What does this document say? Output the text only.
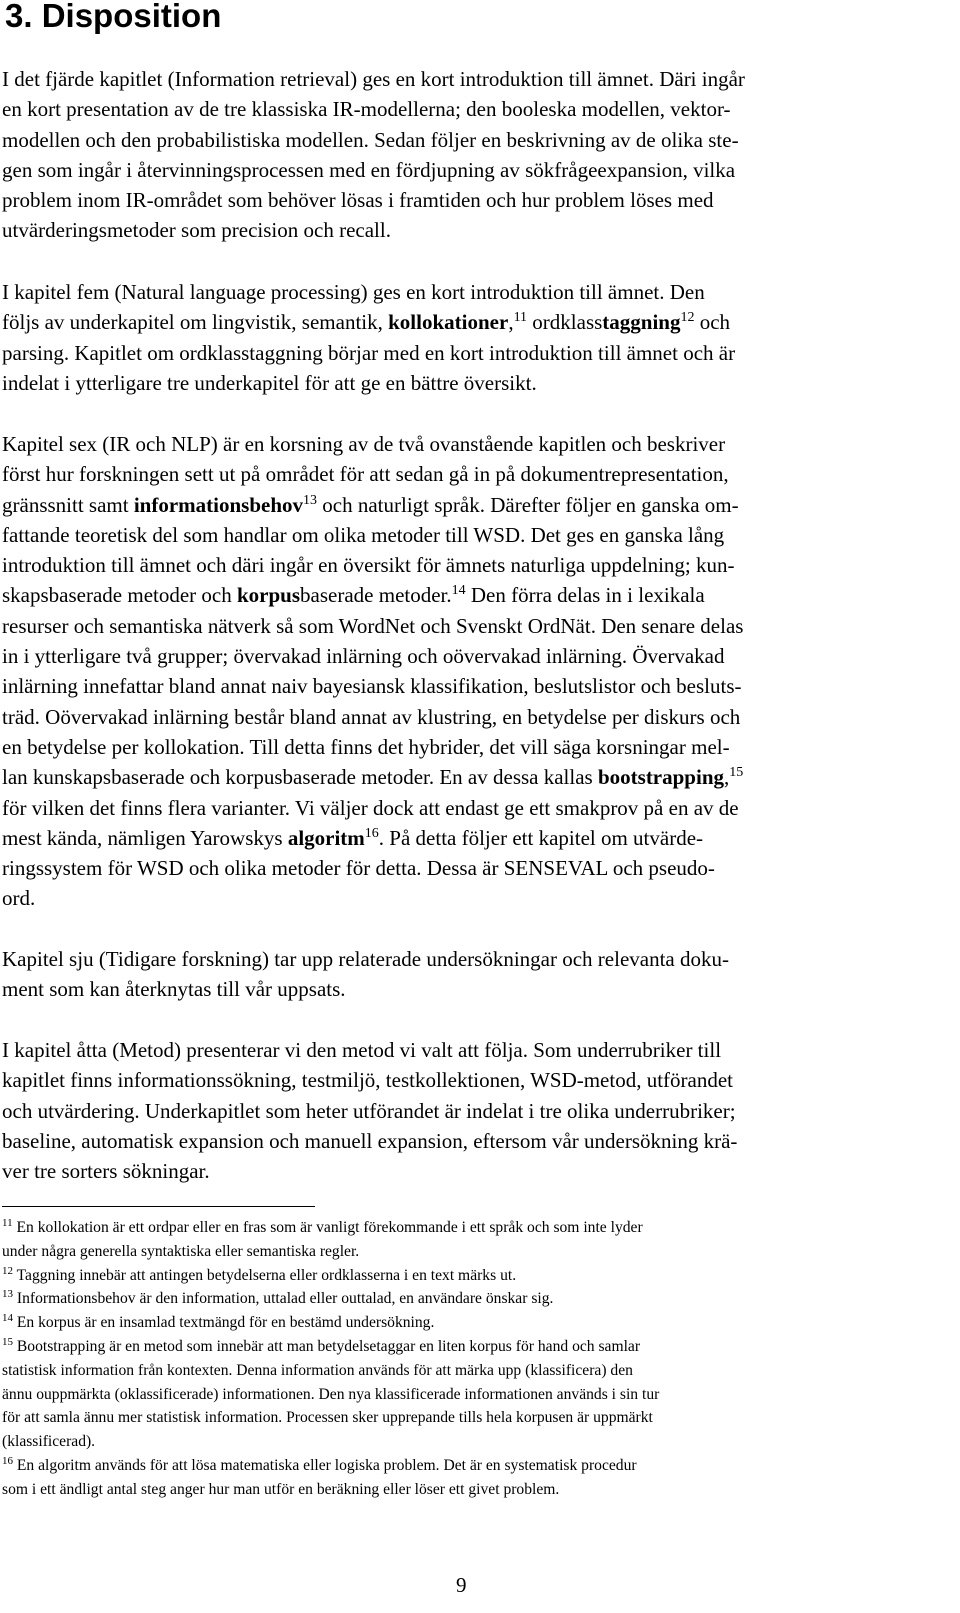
3. Disposition
I det fjärde kapitlet (Information retrieval) ges en kort introduktion till ämnet. Däri ingår
en kort presentation av de tre klassiska IR-modellerna; den booleska modellen, vektor-
modellen och den probabilistiska modellen. Sedan följer en beskrivning av de olika ste-
gen som ingår i återvinningsprocessen med en fördjupning av sökfrågeexpansion, vilka
problem inom IR-området som behöver lösas i framtiden och hur problem löses med
utvärderingsmetoder som precision och recall.
I kapitel fem (Natural language processing) ges en kort introduktion till ämnet. Den
följs av underkapitel om lingvistik, semantik, kollokationer,$^{11}$ ordklasstaggning$^{12}$ och
parsing. Kapitlet om ordklasstaggning börjar med en kort introduktion till ämnet och är
indelat i ytterligare tre underkapitel för att ge en bättre översikt.
Kapitel sex (IR och NLP) är en korsning av de två ovanstående kapitlen och beskriver
först hur forskningen sett ut på området för att sedan gå in på dokumentrepresentation,
gränssnitt samt informationsbehov$^{13}$ och naturligt språk. Därefter följer en ganska om-
fattande teoretisk del som handlar om olika metoder till WSD. Det ges en ganska lång
introduktion till ämnet och däri ingår en översikt för ämnets naturliga uppdelning; kun-
skapsbaserade metoder och korpusbaserade metoder.$^{14}$ Den förra delas in i lexikala
resurser och semantiska nätverk så som WordNet och Svenskt OrdNät. Den senare delas
in i ytterligare två grupper; övervakad inlärning och oövervakad inlärning. Övervakad
inlärning innefattar bland annat naiv bayesiansk klassifikation, beslutslistor och besluts-
träd. Oövervakad inlärning består bland annat av klustring, en betydelse per diskurs och
en betydelse per kollokation. Till detta finns det hybrider, det vill säga korsningar mel-
lan kunskapsbaserade och korpusbaserade metoder. En av dessa kallas bootstrapping,$^{15}$
för vilken det finns flera varianter. Vi väljer dock att endast ge ett smakprov på en av de
mest kända, nämligen Yarowskys algoritm$^{16}$. På detta följer ett kapitel om utvärde-
ringssystem för WSD och olika metoder för detta. Dessa är SENSEVAL och pseudo-
ord.
Kapitel sju (Tidigare forskning) tar upp relaterade undersökningar och relevanta doku-
ment som kan återknytas till vår uppsats.
I kapitel åtta (Metod) presenterar vi den metod vi valt att följa. Som underrubriker till
kapitlet finns informationssökning, testmiljö, testkollektionen, WSD-metod, utförandet
och utvärdering. Underkapitlet som heter utförandet är indelat i tre olika underrubriker;
baseline, automatisk expansion och manuell expansion, eftersom vår undersökning krä-
ver tre sorters sökningar.
$^{11}$ En kollokation är ett ordpar eller en fras som är vanligt förekommande i ett språk och som inte lyder
under några generella syntaktiska eller semantiska regler.
$^{12}$ Taggning innebär att antingen betydelserna eller ordklasserna i en text märks ut.
$^{13}$ Informationsbehov är den information, uttalad eller outtalad, en användare önskar sig.
$^{14}$ En korpus är en insamlad textmängd för en bestämd undersökning.
$^{15}$ Bootstrapping är en metod som innebär att man betydelsetaggar en liten korpus för hand och samlar
statistisk information från kontexten. Denna information används för att märka upp (klassificera) den
ännu ouppmärkta (oklassificerade) informationen. Den nya klassificerade informationen används i sin tur
för att samla ännu mer statistisk information. Processen sker upprepande tills hela korpusen är uppmärkt
(klassificerad).
$^{16}$ En algoritm används för att lösa matematiska eller logiska problem. Det är en systematisk procedur
som i ett ändligt antal steg anger hur man utför en beräkning eller löser ett givet problem.
9
